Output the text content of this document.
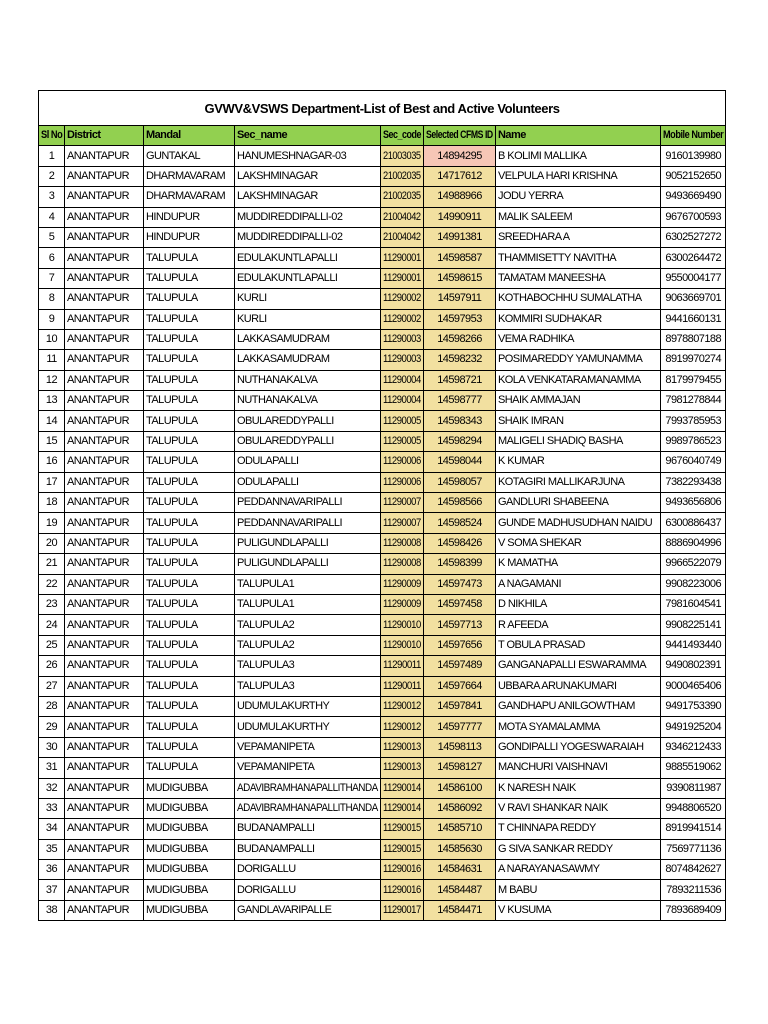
GVWV&VSWS Department-List of Best and Active Volunteers							
Sl No	District	Mandal	Sec_name	Sec_code	Selected CFMS ID	Name	Mobile Number
1	ANANTAPUR	GUNTAKAL	HANUMESHNAGAR-03	21003035	14894295	B KOLIMI MALLIKA	9160139980
2	ANANTAPUR	DHARMAVARAM	LAKSHMINAGAR	21002035	14717612	VELPULA HARI KRISHNA	9052152650
3	ANANTAPUR	DHARMAVARAM	LAKSHMINAGAR	21002035	14988966	JODU YERRA	9493669490
4	ANANTAPUR	HINDUPUR	MUDDIREDDIPALLI-02	21004042	14990911	MALIK SALEEM	9676700593
5	ANANTAPUR	HINDUPUR	MUDDIREDDIPALLI-02	21004042	14991381	SREEDHARA A	6302527272
6	ANANTAPUR	TALUPULA	EDULAKUNTLAPALLI	11290001	14598587	THAMMISETTY NAVITHA	6300264472
7	ANANTAPUR	TALUPULA	EDULAKUNTLAPALLI	11290001	14598615	TAMATAM MANEESHA	9550004177
8	ANANTAPUR	TALUPULA	KURLI	11290002	14597911	KOTHABOCHHU SUMALATHA	9063669701
9	ANANTAPUR	TALUPULA	KURLI	11290002	14597953	KOMMIRI SUDHAKAR	9441660131
10	ANANTAPUR	TALUPULA	LAKKASAMUDRAM	11290003	14598266	VEMA RADHIKA	8978807188
11	ANANTAPUR	TALUPULA	LAKKASAMUDRAM	11290003	14598232	POSIMAREDDY YAMUNAMMA	8919970274
12	ANANTAPUR	TALUPULA	NUTHANAKALVA	11290004	14598721	KOLA VENKATARAMANAMMA	8179979455
13	ANANTAPUR	TALUPULA	NUTHANAKALVA	11290004	14598777	SHAIK AMMAJAN	7981278844
14	ANANTAPUR	TALUPULA	OBULAREDDYPALLI	11290005	14598343	SHAIK IMRAN	7993785953
15	ANANTAPUR	TALUPULA	OBULAREDDYPALLI	11290005	14598294	MALIGELI SHADIQ BASHA	9989786523
16	ANANTAPUR	TALUPULA	ODULAPALLI	11290006	14598044	K KUMAR	9676040749
17	ANANTAPUR	TALUPULA	ODULAPALLI	11290006	14598057	KOTAGIRI MALLIKARJUNA	7382293438
18	ANANTAPUR	TALUPULA	PEDDANNAVARIPALLI	11290007	14598566	GANDLURI SHABEENA	9493656806
19	ANANTAPUR	TALUPULA	PEDDANNAVARIPALLI	11290007	14598524	GUNDE MADHUSUDHAN NAIDU	6300886437
20	ANANTAPUR	TALUPULA	PULIGUNDLAPALLI	11290008	14598426	V SOMA SHEKAR	8886904996
21	ANANTAPUR	TALUPULA	PULIGUNDLAPALLI	11290008	14598399	K MAMATHA	9966522079
22	ANANTAPUR	TALUPULA	TALUPULA1	11290009	14597473	A NAGAMANI	9908223006
23	ANANTAPUR	TALUPULA	TALUPULA1	11290009	14597458	D NIKHILA	7981604541
24	ANANTAPUR	TALUPULA	TALUPULA2	11290010	14597713	R AFEEDA	9908225141
25	ANANTAPUR	TALUPULA	TALUPULA2	11290010	14597656	T OBULA PRASAD	9441493440
26	ANANTAPUR	TALUPULA	TALUPULA3	11290011	14597489	GANGANAPALLI ESWARAMMA	9490802391
27	ANANTAPUR	TALUPULA	TALUPULA3	11290011	14597664	UBBARA ARUNAKUMARI	9000465406
28	ANANTAPUR	TALUPULA	UDUMULAKURTHY	11290012	14597841	GANDHAPU ANILGOWTHAM	9491753390
29	ANANTAPUR	TALUPULA	UDUMULAKURTHY	11290012	14597777	MOTA SYAMALAMMA	9491925204
30	ANANTAPUR	TALUPULA	VEPAMANIPETA	11290013	14598113	GONDIPALLI YOGESWARAIAH	9346212433
31	ANANTAPUR	TALUPULA	VEPAMANIPETA	11290013	14598127	MANCHURI VAISHNAVI	9885519062
32	ANANTAPUR	MUDIGUBBA	ADAVIBRAMHANAPALLITHANDA	11290014	14586100	K NARESH NAIK	9390811987
33	ANANTAPUR	MUDIGUBBA	ADAVIBRAMHANAPALLITHANDA	11290014	14586092	V RAVI SHANKAR NAIK	9948806520
34	ANANTAPUR	MUDIGUBBA	BUDANAMPALLI	11290015	14585710	T CHINNAPA REDDY	8919941514
35	ANANTAPUR	MUDIGUBBA	BUDANAMPALLI	11290015	14585630	G SIVA SANKAR REDDY	7569771136
36	ANANTAPUR	MUDIGUBBA	DORIGALLU	11290016	14584631	A NARAYANASAWMY	8074842627
37	ANANTAPUR	MUDIGUBBA	DORIGALLU	11290016	14584487	M BABU	7893211536
38	ANANTAPUR	MUDIGUBBA	GANDLAVARIPALLE	11290017	14584471	V KUSUMA	7893689409
